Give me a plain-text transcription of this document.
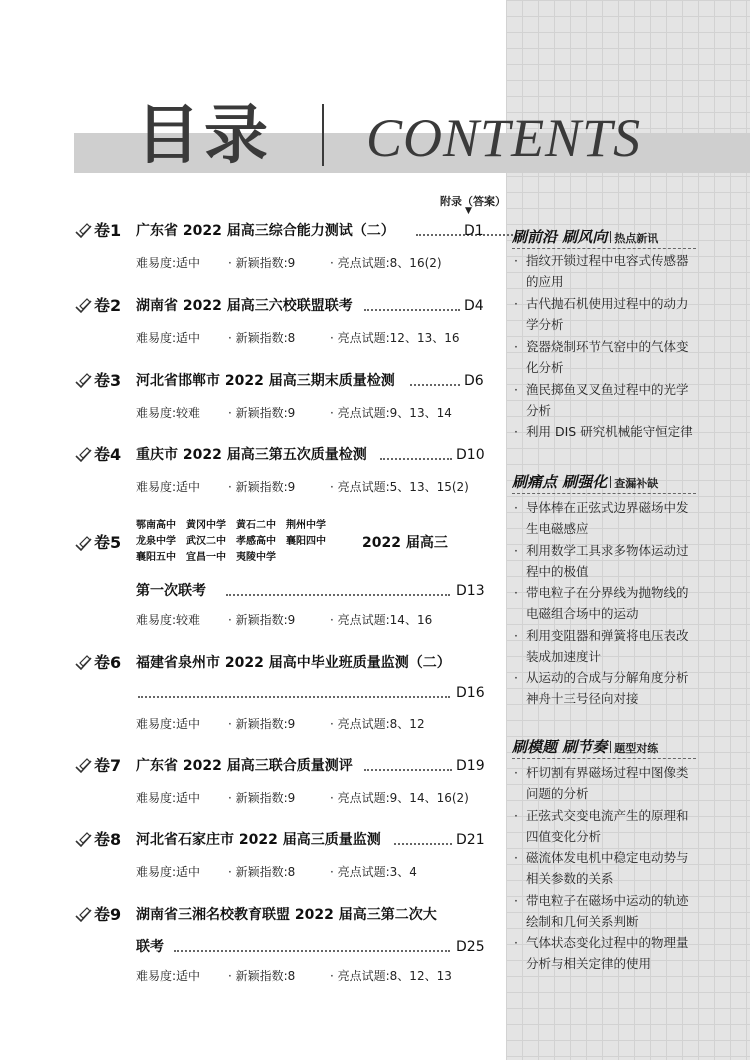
目录 CONTENTS
附录（答案）
▼
卷1 广东省 2022 届高三综合能力测试（二）	D1
难易度:适中 · 新颖指数:9	· 亮点试题:8、16(2)
卷2 湖南省 2022 届高三六校联盟联考	D4
难易度:适中 · 新颖指数:8	· 亮点试题:12、13、16
卷3 河北省邯郸市 2022 届高三期末质量检测	D6
难易度:较难 · 新颖指数:9	· 亮点试题:9、13、14
卷4 重庆市 2022 届高三第五次质量检测	D10
难易度:适中 · 新颖指数:9	· 亮点试题:5、13、15(2)
卷5
鄂南高中　黄冈中学　黄石二中　荆州中学
龙泉中学　武汉二中　孝感高中　襄阳四中
襄阳五中　宜昌一中　夷陵中学
2022 届高三
第一次联考	D13
难易度:较难 · 新颖指数:9	· 亮点试题:14、16
卷6 福建省泉州市 2022 届高中毕业班质量监测（二）
D16
难易度:适中 · 新颖指数:9	· 亮点试题:8、12
卷7 广东省 2022 届高三联合质量测评	D19
难易度:适中 · 新颖指数:9	· 亮点试题:9、14、16(2)
卷8 河北省石家庄市 2022 届高三质量监测	D21
难易度:适中 · 新颖指数:8	· 亮点试题:3、4
卷9 湖南省三湘名校教育联盟 2022 届高三第二次大
联考	D25
难易度:适中 · 新颖指数:8	· 亮点试题:8、12、13
刷前沿 刷风向 热点新讯
· 指纹开锁过程中电容式传感器的应用
· 古代抛石机使用过程中的动力学分析
· 瓷器烧制环节气窑中的气体变化分析
· 渔民掷鱼叉叉鱼过程中的光学分析
· 利用 DIS 研究机械能守恒定律
刷痛点 刷强化 查漏补缺
· 导体棒在正弦式边界磁场中发生电磁感应
· 利用数学工具求多物体运动过程中的极值
· 带电粒子在分界线为抛物线的电磁组合场中的运动
· 利用变阻器和弹簧将电压表改装成加速度计
· 从运动的合成与分解角度分析神舟十三号径向对接
刷模题 刷节奏 题型对练
· 杆切割有界磁场过程中图像类问题的分析
· 正弦式交变电流产生的原理和四值变化分析
· 磁流体发电机中稳定电动势与相关参数的关系
· 带电粒子在磁场中运动的轨迹绘制和几何关系判断
· 气体状态变化过程中的物理量分析与相关定律的使用
